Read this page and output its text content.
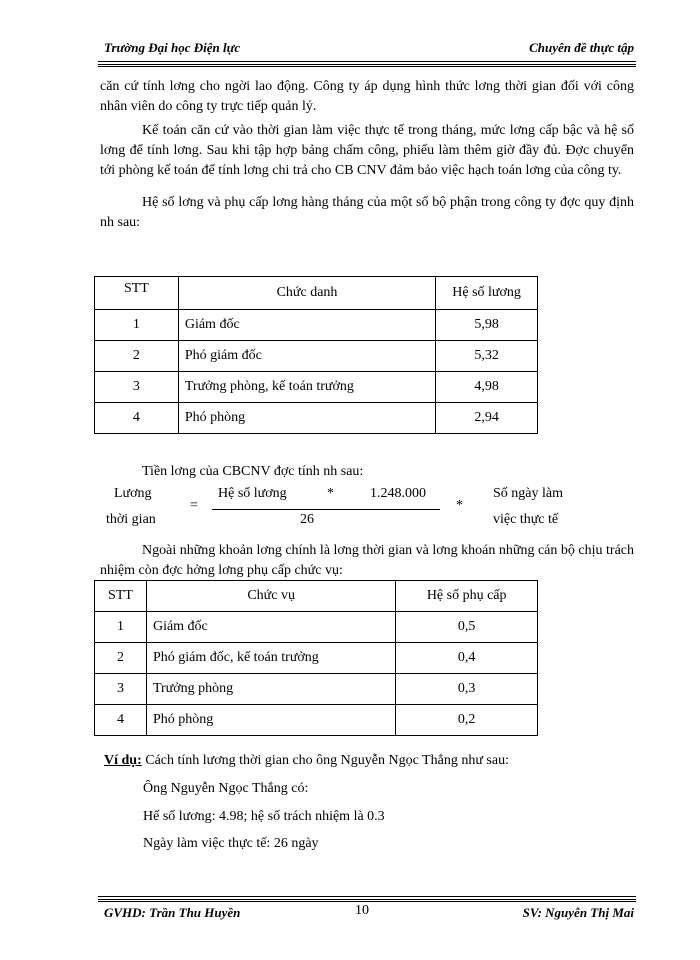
Trường Đại học Điện lực	Chuyên đề thực tập
căn cứ tính lơng cho ngời lao động. Công ty áp dụng hình thức lơng thời gian đối với công nhân viên do công ty trực tiếp quản lý.
Kế toán căn cứ vào thời gian làm việc thực tế trong tháng, mức lơng cấp bậc và hệ số lơng để tính lơng. Sau khi tập hợp bảng chấm công, phiếu làm thêm giờ đầy đủ. Đợc chuyển tới phòng kế toán để tính lơng chi trả cho CB CNV đảm bảo việc hạch toán lơng của công ty.
Hệ số lơng và phụ cấp lơng hàng tháng của một số bộ phận trong công ty đợc quy định nh sau:
STT	Chức danh	Hệ số lương
1	Giám đốc	5,98
2	Phó giám đốc	5,32
3	Trưởng phòng, kế toán trưởng	4,98
4	Phó phòng	2,94
Tiền lơng của CBCNV đợc tính nh sau:
Lương
thời gian
=
Hệ số lương	*	1.248.000
26
*
Số ngày làm
việc thực tế
Ngoài những khoản lơng chính là lơng thời gian và lơng khoán những cán bộ chịu trách nhiệm còn đợc hởng lơng phụ cấp chức vụ:
STT	Chức vụ	Hệ số phụ cấp
1	Giám đốc	0,5
2	Phó giám đốc, kế toán trưởng	0,4
3	Trưởng phòng	0,3
4	Phó phòng	0,2
Ví dụ: Cách tính lương thời gian cho ông Nguyễn Ngọc Thắng như sau:
Ông Nguyễn Ngọc Thắng có:
Hế số lương: 4.98; hệ số trách nhiệm là 0.3
Ngày làm việc thực tế: 26 ngày
GVHD: Trần Thu Huyền	10	SV: Nguyễn Thị Mai
